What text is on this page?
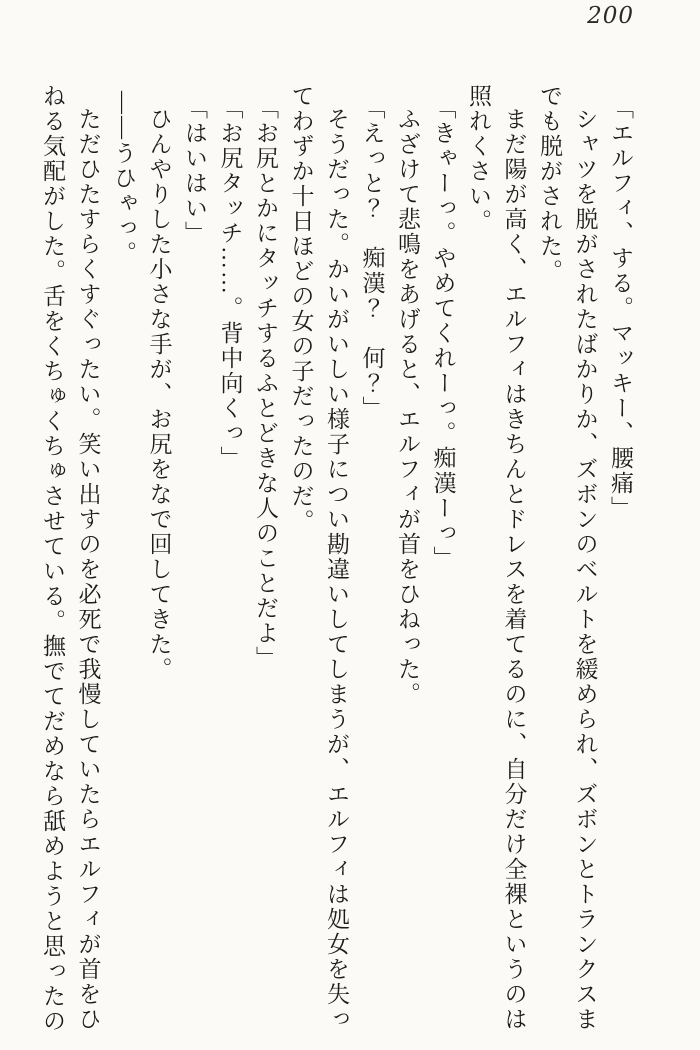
200

「エルフィ、する。マッキー、腰痛」

シャツを脱がされたばかりか、ズボンのベルトを緩められ、ズボンとトランクスまでも脱がされた。

まだ陽が高く、エルフィはきちんとドレスを着てるのに、自分だけ全裸というのは照れくさい。

「きゃーっ。やめてくれーっ。痴漢ーっ」

ふざけて悲鳴をあげると、エルフィが首をひねった。

「えっと？　痴漢？　何？」

そうだった。かいがいしい様子につい勘違いしてしまうが、エルフィは処女を失ってわずか十日ほどの女の子だったのだ。

「お尻とかにタッチするふとどきな人のことだよ」

「お尻タッチ……。背中向くっ」

「はいはい」

ひんやりした小さな手が、お尻をなで回してきた。

――うひゃっ。

ただひたすらくすぐったい。笑い出すのを必死で我慢していたらエルフィが首をひねる気配がした。舌をくちゅくちゅさせている。撫でてだめなら舐めようと思ったの
